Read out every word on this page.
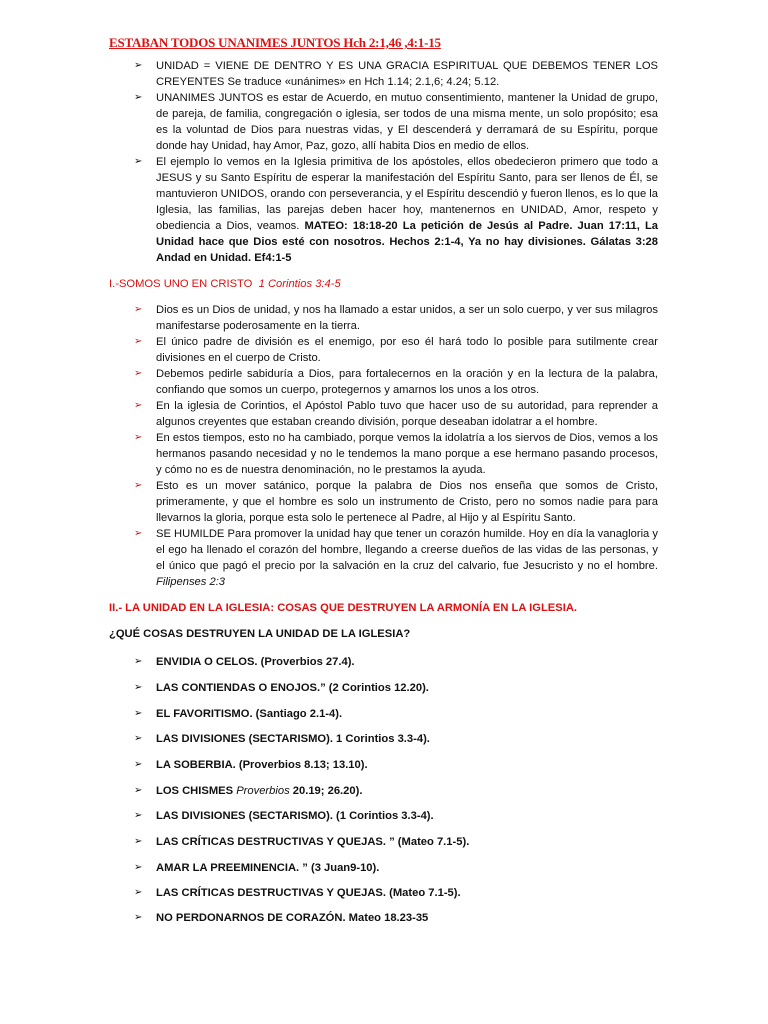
ESTABAN TODOS UNANIMES JUNTOS Hch 2:1,46 ,4:1-15
➢	UNIDAD = VIENE DE DENTRO Y ES UNA GRACIA ESPIRITUAL QUE DEBEMOS TENER LOS CREYENTES Se traduce «unánimes» en Hch 1.14; 2.1,6; 4.24; 5.12.
➢	UNANIMES JUNTOS es estar de Acuerdo, en mutuo consentimiento, mantener la Unidad de grupo, de pareja, de familia, congregación o iglesia, ser todos de una misma mente, un solo propósito; esa es la voluntad de Dios para nuestras vidas, y El descenderá y derramará de su Espíritu, porque donde hay Unidad, hay Amor, Paz, gozo, allí habita Dios en medio de ellos.
➢	El ejemplo lo vemos en la Iglesia primitiva de los apóstoles, ellos obedecieron primero que todo a JESUS y su Santo Espíritu de esperar la manifestación del Espíritu Santo, para ser llenos de Él, se mantuvieron UNIDOS, orando con perseverancia, y el Espíritu descendió y fueron llenos, es lo que la Iglesia, las familias, las parejas deben hacer hoy, mantenernos en UNIDAD, Amor, respeto y obediencia a Dios, veamos. MATEO: 18:18-20 La petición de Jesús al Padre. Juan 17:11, La Unidad hace que Dios esté con nosotros. Hechos 2:1-4, Ya no hay divisiones. Gálatas 3:28 Andad en Unidad. Ef4:1-5
I.-SOMOS UNO EN CRISTO 1 Corintios 3:4-5
➢	Dios es un Dios de unidad, y nos ha llamado a estar unidos, a ser un solo cuerpo, y ver sus milagros manifestarse poderosamente en la tierra.
➢	El único padre de división es el enemigo, por eso él hará todo lo posible para sutilmente crear divisiones en el cuerpo de Cristo.
➢	Debemos pedirle sabiduría a Dios, para fortalecernos en la oración y en la lectura de la palabra, confiando que somos un cuerpo, protegernos y amarnos los unos a los otros.
➢	En la iglesia de Corintios, el Apóstol Pablo tuvo que hacer uso de su autoridad, para reprender a algunos creyentes que estaban creando división, porque deseaban idolatrar a el hombre.
➢	En estos tiempos, esto no ha cambiado, porque vemos la idolatría a los siervos de Dios, vemos a los hermanos pasando necesidad y no le tendemos la mano porque a ese hermano pasando procesos, y cómo no es de nuestra denominación, no le prestamos la ayuda.
➢	Esto es un mover satánico, porque la palabra de Dios nos enseña que somos de Cristo, primeramente, y que el hombre es solo un instrumento de Cristo, pero no somos nadie para para llevarnos la gloria, porque esta solo le pertenece al Padre, al Hijo y al Espíritu Santo.
➢	SE HUMILDE Para promover la unidad hay que tener un corazón humilde. Hoy en día la vanagloria y el ego ha llenado el corazón del hombre, llegando a creerse dueños de las vidas de las personas, y el único que pagó el precio por la salvación en la cruz del calvario, fue Jesucristo y no el hombre. Filipenses 2:3
II.- LA UNIDAD EN LA IGLESIA: COSAS QUE DESTRUYEN LA ARMONÍA EN LA IGLESIA.
¿QUÉ COSAS DESTRUYEN LA UNIDAD DE LA IGLESIA?
➢ ENVIDIA O CELOS. (Proverbios 27.4).
➢ LAS CONTIENDAS O ENOJOS.” (2 Corintios 12.20).
➢ EL FAVORITISMO. (Santiago 2.1-4).
➢ LAS DIVISIONES (SECTARISMO). 1 Corintios 3.3-4).
➢ LA SOBERBIA. (Proverbios 8.13; 13.10).
➢ LOS CHISMES Proverbios 20.19; 26.20).
➢ LAS DIVISIONES (SECTARISMO). (1 Corintios 3.3-4).
➢ LAS CRÍTICAS DESTRUCTIVAS Y QUEJAS. ” (Mateo 7.1-5).
➢ AMAR LA PREEMINENCIA. ” (3 Juan9-10).
➢ LAS CRÍTICAS DESTRUCTIVAS Y QUEJAS. (Mateo 7.1-5).
➢ NO PERDONARNOS DE CORAZÓN. Mateo 18.23-35
